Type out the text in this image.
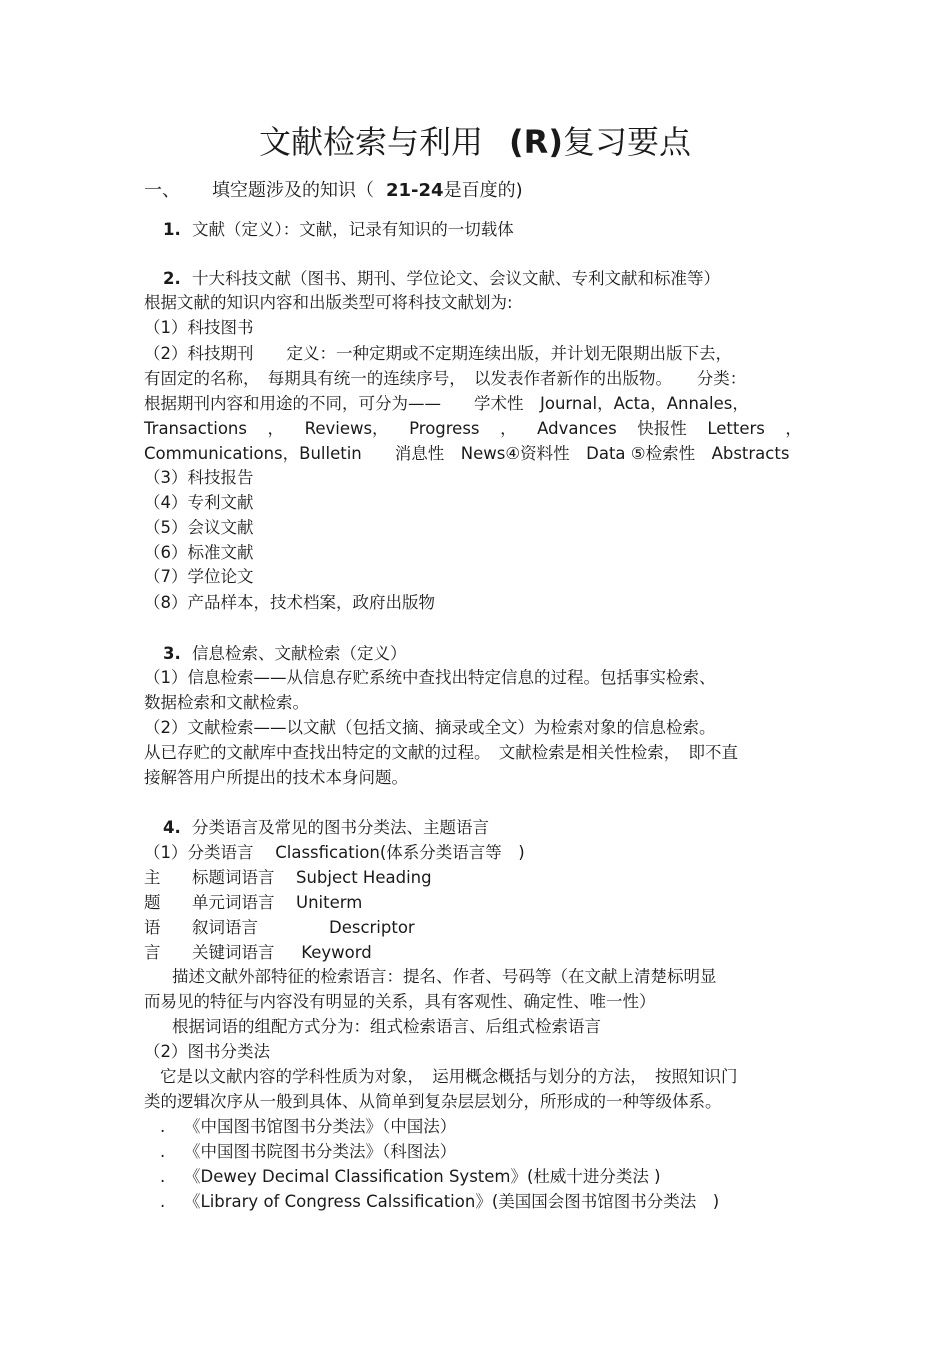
文献检索与利用 (R)复习要点
一、 填空题涉及的知识（ 21-24是百度的)
1. 文献（定义）：文献，记录有知识的一切载体
2. 十大科技文献（图书、期刊、学位论文、会议文献、专利文献和标准等）
根据文献的知识内容和出版类型可将科技文献划为:
（1）科技图书
（2）科技期刊　　定义：一种定期或不定期连续出版，并计划无限期出版下去，
有固定的名称，　每期具有统一的连续序号，　以发表作者新作的出版物。　　分类：
根据期刊内容和用途的不同，可分为——　　学术性　Journal，Acta，Annales，
Transactions ， Reviews， Progress ， Advances 快报性 Letters ，
Communications，Bulletin　　消息性　News④资料性　Data ⑤检索性　Abstracts
（3）科技报告
（4）专利文献
（5）会议文献
（6）标准文献
（7）学位论文
（8）产品样本，技术档案，政府出版物
3. 信息检索、文献检索（定义）
（1）信息检索——从信息存贮系统中查找出特定信息的过程。包括事实检索、
数据检索和文献检索。
（2）文献检索——以文献（包括文摘、摘录或全文）为检索对象的信息检索。
从已存贮的文献库中查找出特定的文献的过程。　文献检索是相关性检索，　即不直
接解答用户所提出的技术本身问题。
4. 分类语言及常见的图书分类法、主题语言
（1）分类语言　 Classfication(体系分类语言等　)
主 标题词语言 Subject Heading
题 单元词语言 Uniterm
语 叙词语言　　Descriptor
言 关键词语言 Keyword
描述文献外部特征的检索语言：提名、作者、号码等（在文献上清楚标明显
而易见的特征与内容没有明显的关系，具有客观性、确定性、唯一性）
根据词语的组配方式分为：组式检索语言、后组式检索语言
（2）图书分类法
它是以文献内容的学科性质为对象，　运用概念概括与划分的方法，　按照知识门
类的逻辑次序从一般到具体、从简单到复杂层层划分，所形成的一种等级体系。
. 《中国图书馆图书分类法》（中国法）
. 《中国图书院图书分类法》（科图法）
. 《Dewey Decimal Classification System》(杜威十进分类法 )
. 《Library of Congress Calssification》(美国国会图书馆图书分类法　)
